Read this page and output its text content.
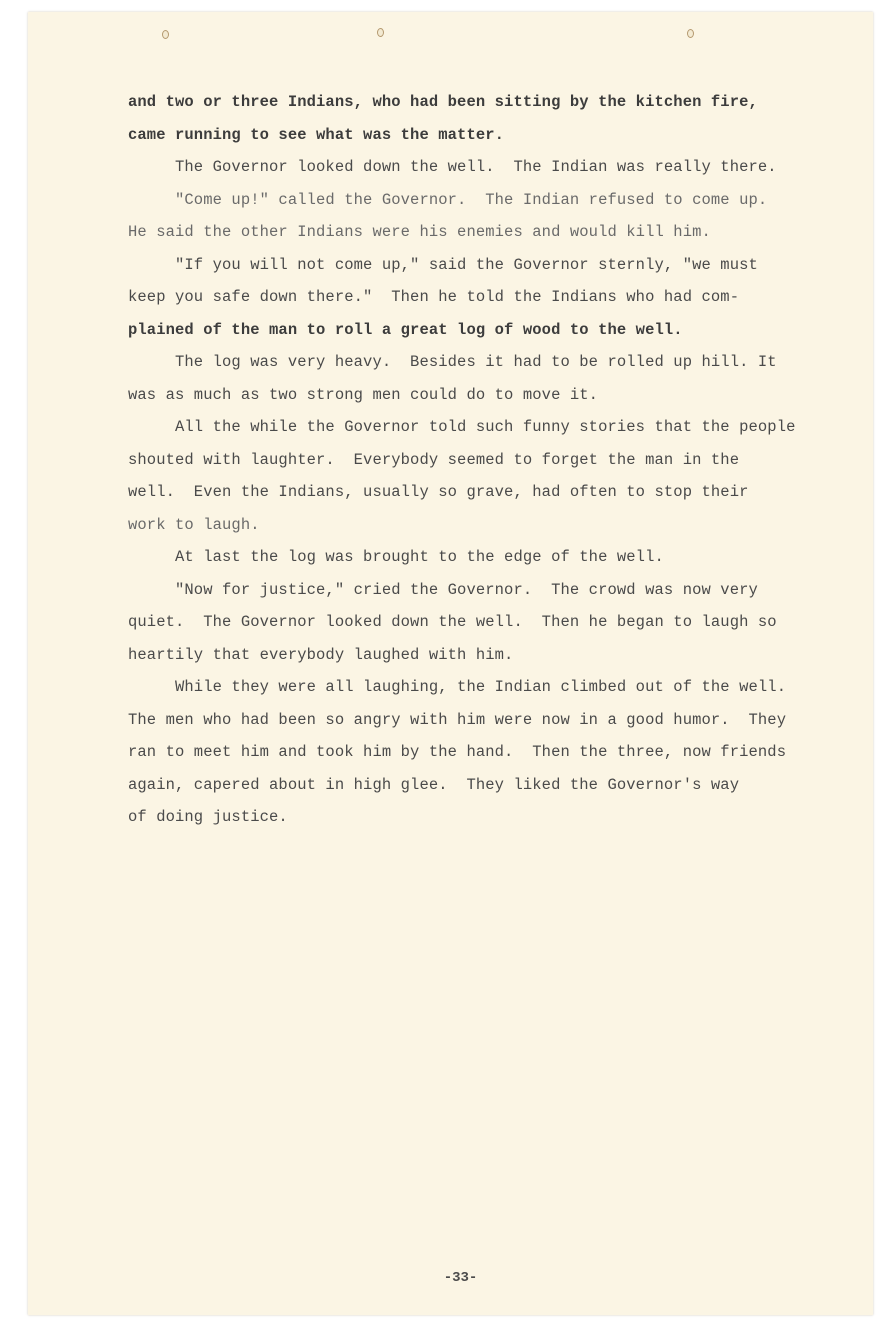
and two or three Indians, who had been sitting by the kitchen fire,
came running to see what was the matter.
The Governor looked down the well.  The Indian was really there.
"Come up!" called the Governor.  The Indian refused to come up.
He said the other Indians were his enemies and would kill him.
"If you will not come up," said the Governor sternly, "we must
keep you safe down there."  Then he told the Indians who had com-
plained of the man to roll a great log of wood to the well.
The log was very heavy.  Besides it had to be rolled up hill. It
was as much as two strong men could do to move it.
All the while the Governor told such funny stories that the people
shouted with laughter.  Everybody seemed to forget the man in the
well.  Even the Indians, usually so grave, had often to stop their
work to laugh.
At last the log was brought to the edge of the well.
"Now for justice," cried the Governor.  The crowd was now very
quiet.  The Governor looked down the well.  Then he began to laugh so
heartily that everybody laughed with him.
While they were all laughing, the Indian climbed out of the well.
The men who had been so angry with him were now in a good humor.  They
ran to meet him and took him by the hand.  Then the three, now friends
again, capered about in high glee.  They liked the Governor's way
of doing justice.
-33-
